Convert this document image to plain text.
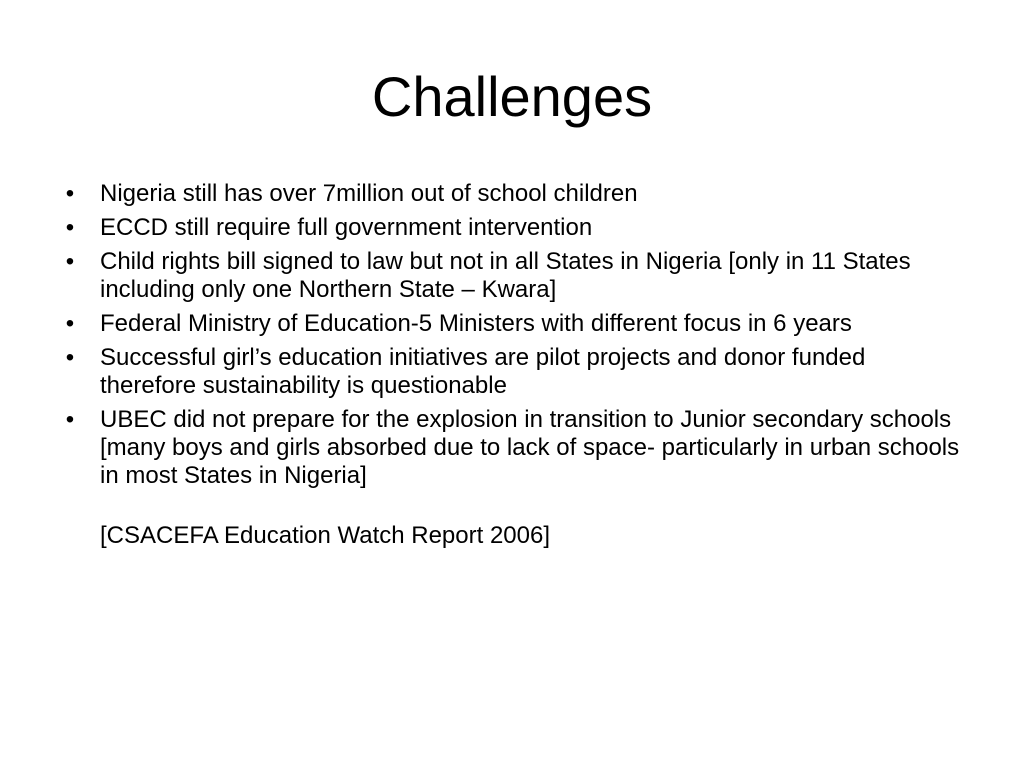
Challenges
• Nigeria still has over 7million out of school children
• ECCD still require full government intervention
• Child rights bill signed to law but not in all States in Nigeria [only in 11 States including only one Northern State – Kwara]
• Federal Ministry of Education-5 Ministers with different focus in 6 years
• Successful girl’s education initiatives are pilot projects and donor funded therefore sustainability is questionable
• UBEC did not prepare for the explosion in transition to Junior secondary schools [many boys and girls absorbed due to lack of space- particularly in urban schools in most States in Nigeria]
[CSACEFA Education Watch Report 2006]
